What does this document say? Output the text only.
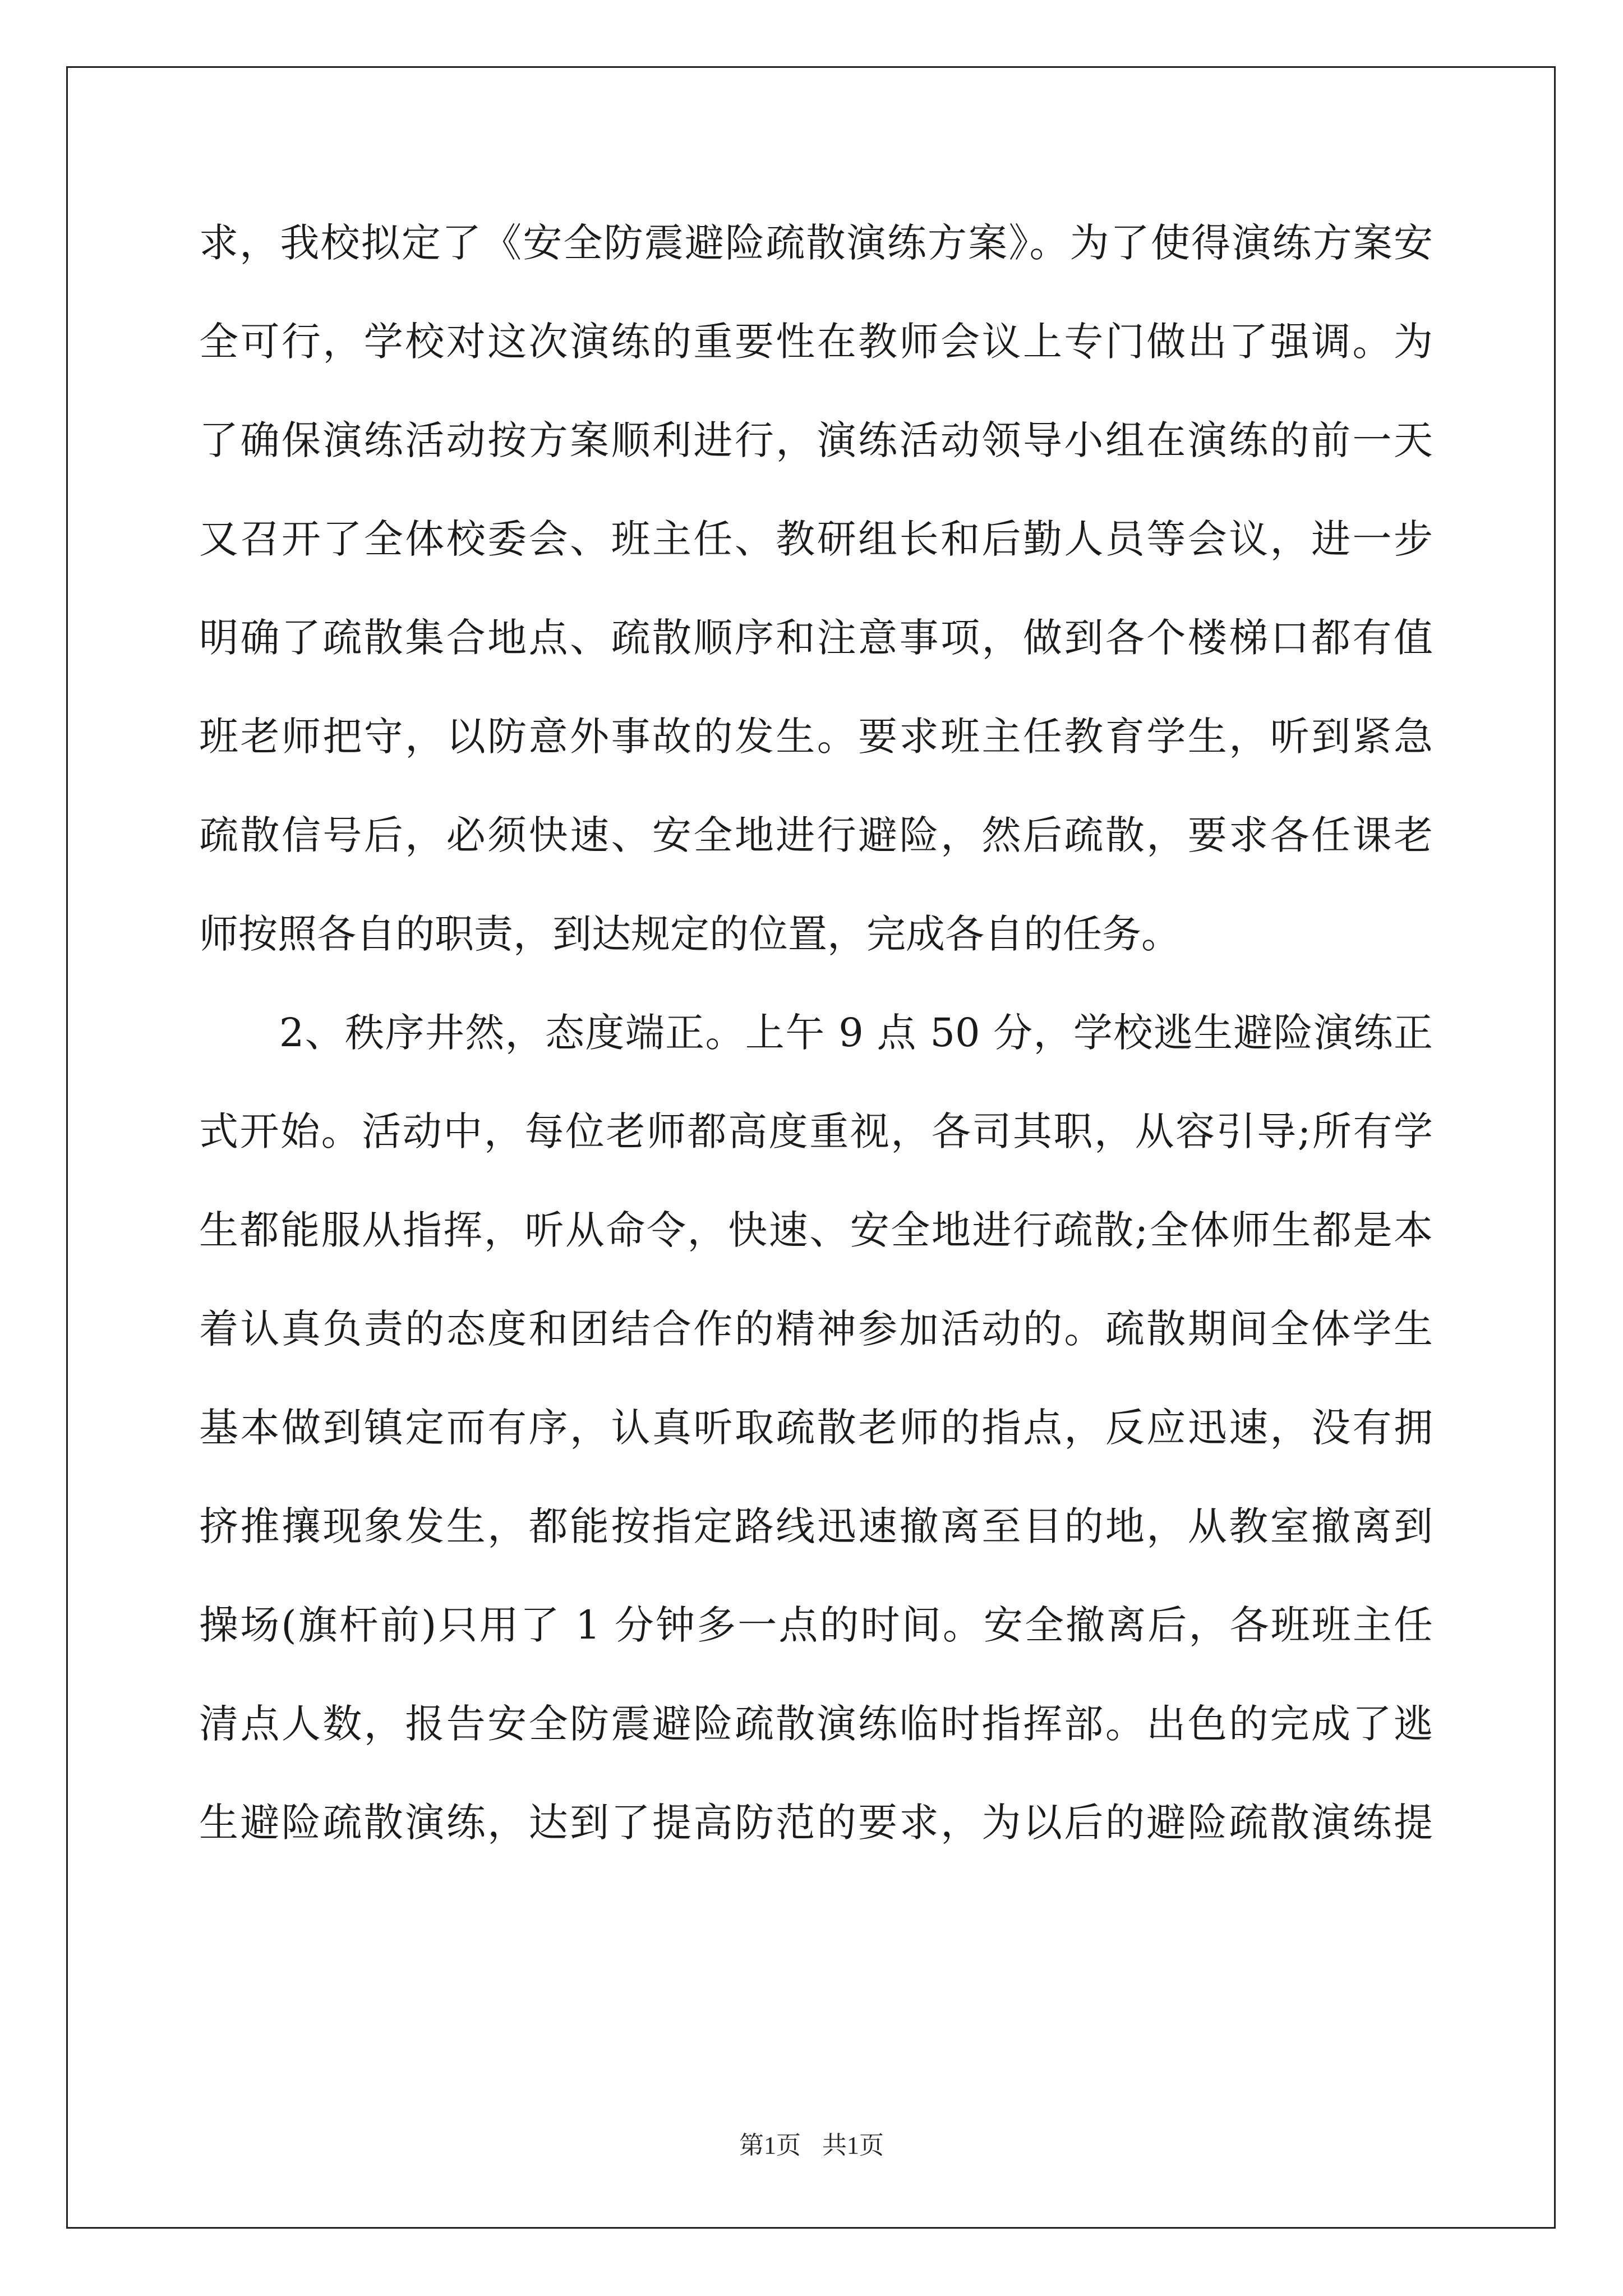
求，我校拟定了《安全防震避险疏散演练方案》。为了使得演练方案安
全可行，学校对这次演练的重要性在教师会议上专门做出了强调。为
了确保演练活动按方案顺利进行，演练活动领导小组在演练的前一天
又召开了全体校委会、班主任、教研组长和后勤人员等会议，进一步
明确了疏散集合地点、疏散顺序和注意事项，做到各个楼梯口都有值
班老师把守，以防意外事故的发生。要求班主任教育学生，听到紧急
疏散信号后，必须快速、安全地进行避险，然后疏散，要求各任课老
师按照各自的职责，到达规定的位置，完成各自的任务。
　　2、秩序井然，态度端正。上午 9 点 50 分，学校逃生避险演练正
式开始。活动中，每位老师都高度重视，各司其职，从容引导;所有学
生都能服从指挥，听从命令，快速、安全地进行疏散;全体师生都是本
着认真负责的态度和团结合作的精神参加活动的。疏散期间全体学生
基本做到镇定而有序，认真听取疏散老师的指点，反应迅速，没有拥
挤推攘现象发生，都能按指定路线迅速撤离至目的地，从教室撤离到
操场(旗杆前)只用了 1 分钟多一点的时间。安全撤离后，各班班主任
清点人数，报告安全防震避险疏散演练临时指挥部。出色的完成了逃
生避险疏散演练，达到了提高防范的要求，为以后的避险疏散演练提
第1页 共1页
